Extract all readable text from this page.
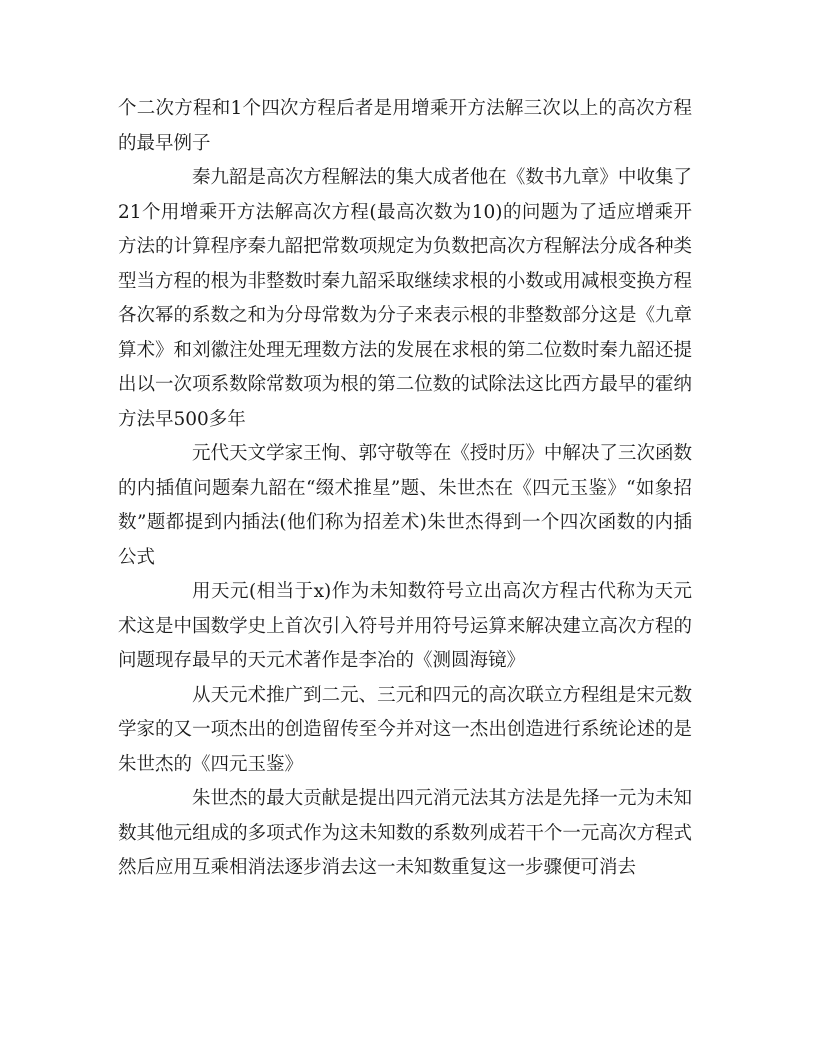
个二次方程和1个四次方程后者是用增乘开方法解三次以上的高次方程的最早例子

秦九韶是高次方程解法的集大成者他在《数书九章》中收集了21个用增乘开方法解高次方程(最高次数为10)的问题为了适应增乘开方法的计算程序秦九韶把常数项规定为负数把高次方程解法分成各种类型当方程的根为非整数时秦九韶采取继续求根的小数或用减根变换方程各次幂的系数之和为分母常数为分子来表示根的非整数部分这是《九章算术》和刘徽注处理无理数方法的发展在求根的第二位数时秦九韶还提出以一次项系数除常数项为根的第二位数的试除法这比西方最早的霍纳方法早500多年

元代天文学家王恂、郭守敬等在《授时历》中解决了三次函数的内插值问题秦九韶在“缀术推星”题、朱世杰在《四元玉鉴》“如象招数”题都提到内插法(他们称为招差术)朱世杰得到一个四次函数的内插公式

用天元(相当于x)作为未知数符号立出高次方程古代称为天元术这是中国数学史上首次引入符号并用符号运算来解决建立高次方程的问题现存最早的天元术著作是李冶的《测圆海镜》

从天元术推广到二元、三元和四元的高次联立方程组是宋元数学家的又一项杰出的创造留传至今并对这一杰出创造进行系统论述的是朱世杰的《四元玉鉴》

朱世杰的最大贡献是提出四元消元法其方法是先择一元为未知数其他元组成的多项式作为这未知数的系数列成若干个一元高次方程式然后应用互乘相消法逐步消去这一未知数重复这一步骤便可消去
